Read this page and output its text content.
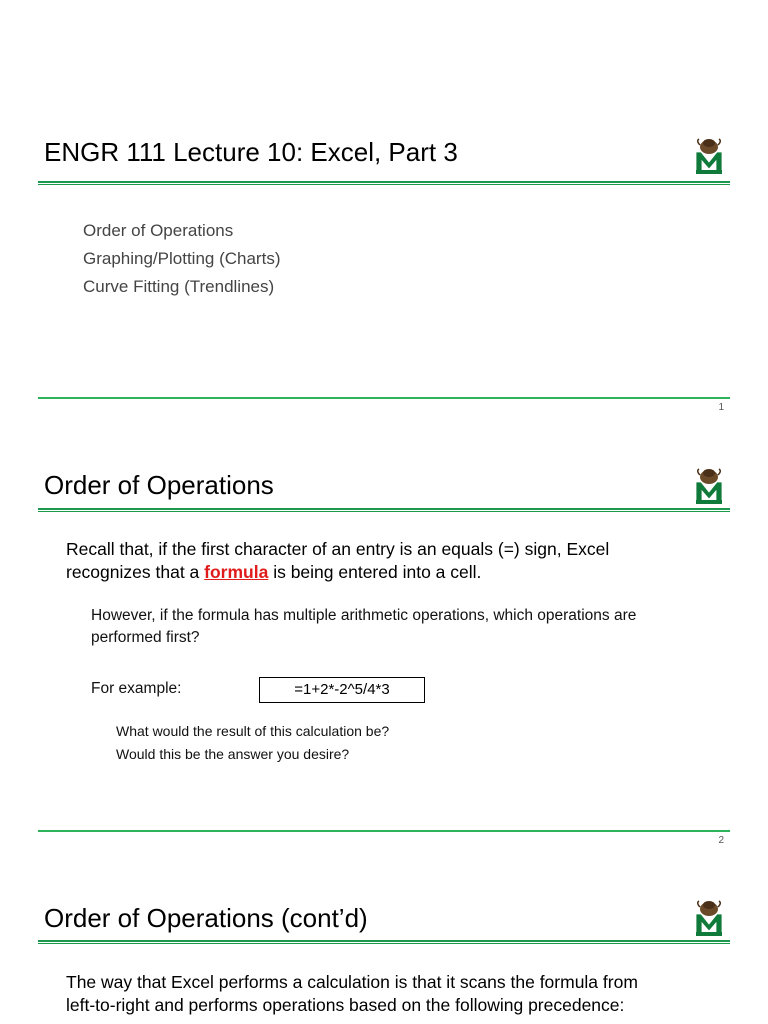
ENGR 111 Lecture 10: Excel, Part 3
Order of Operations
Graphing/Plotting (Charts)
Curve Fitting (Trendlines)
1
Order of Operations

Recall that, if the first character of an entry is an equals (=) sign, Excel

recognizes that a formula is being entered into a cell.

However, if the formula has multiple arithmetic operations, which operations are

performed first?

For example:	=1+2*-2^5/4*3

What would the result of this calculation be?

Would this be the answer you desire?

2
Order of Operations (cont’d)

The way that Excel performs a calculation is that it scans the formula from

left-to-right and performs operations based on the following precedence:
